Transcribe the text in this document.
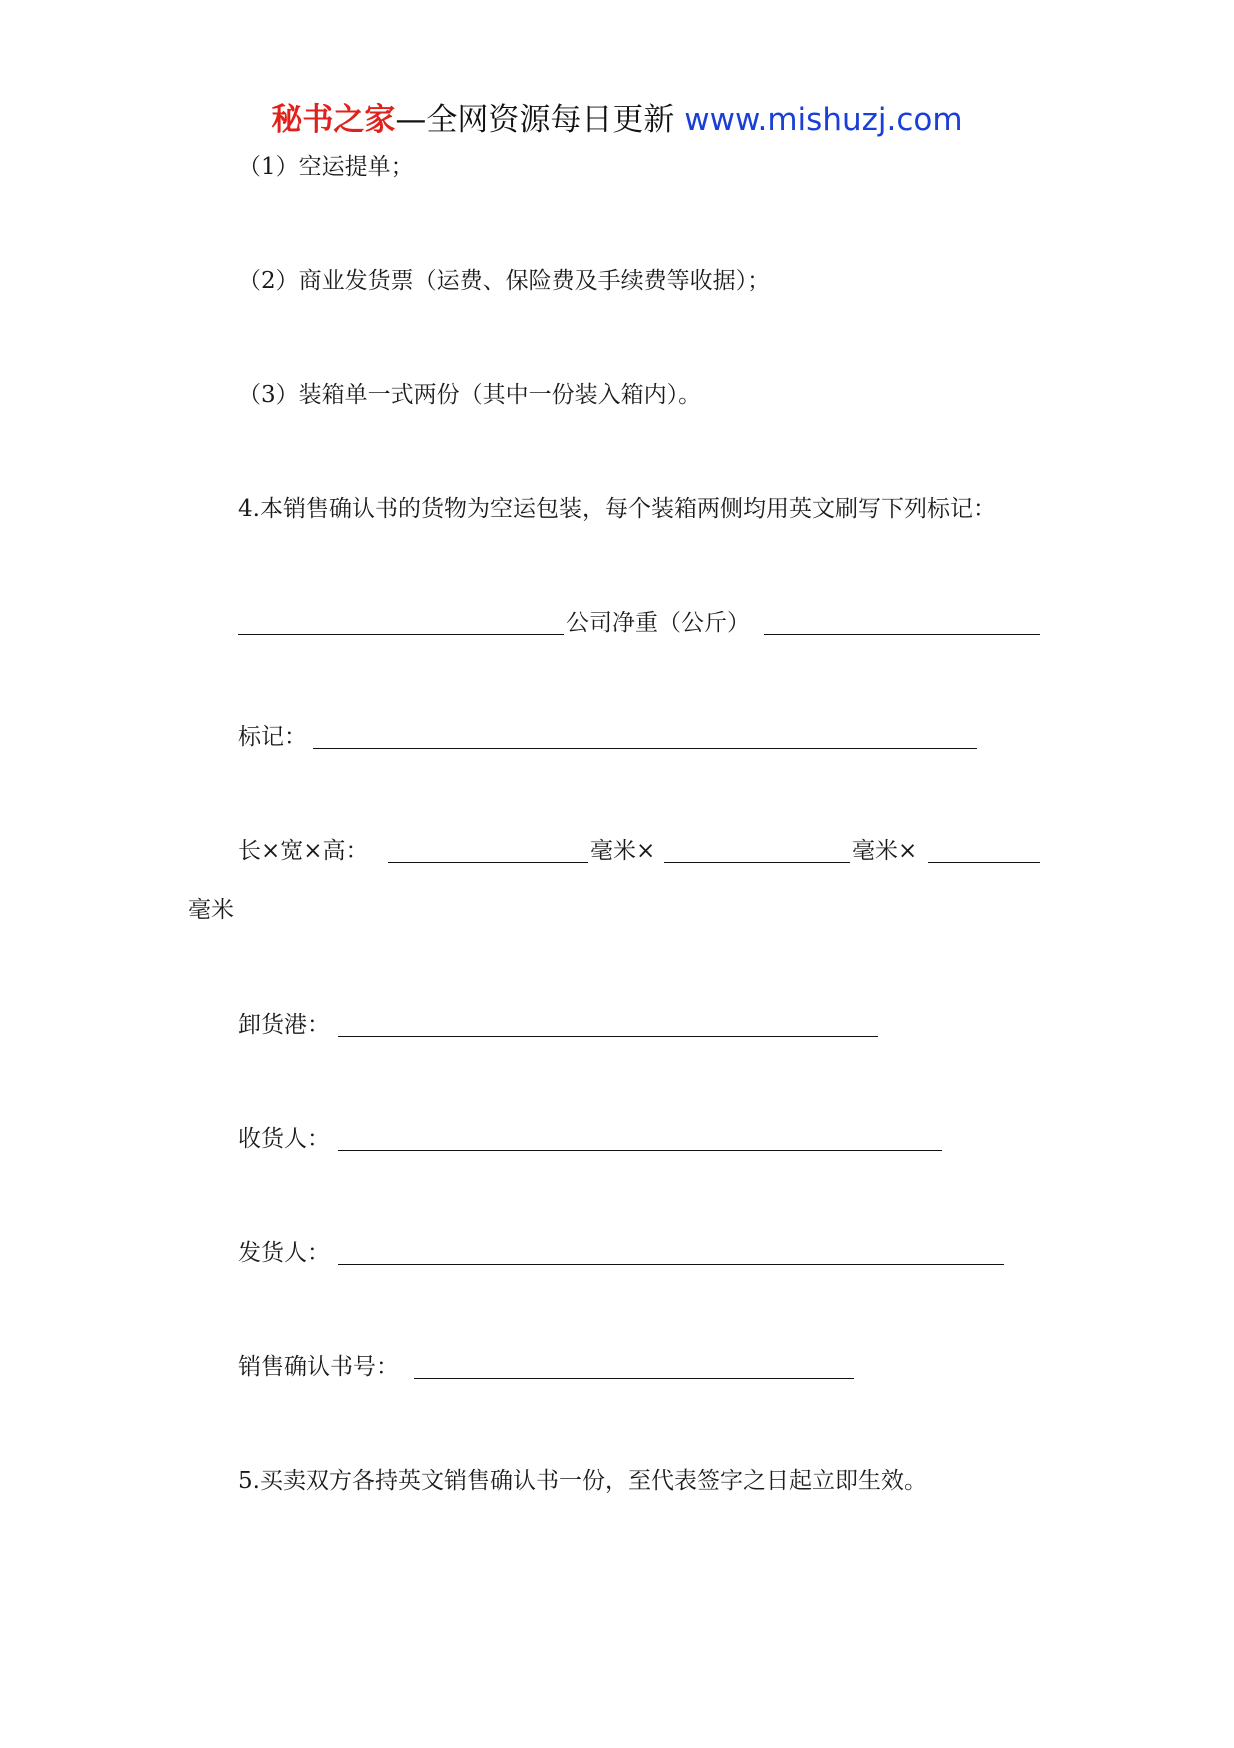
秘书之家—全网资源每日更新 www.mishuzj.com
（1）空运提单；
（2）商业发货票（运费、保险费及手续费等收据）；
（3）装箱单一式两份（其中一份装入箱内）。
4.本销售确认书的货物为空运包装，每个装箱两侧均用英文刷写下列标记：
公司净重（公斤）
标记：
长×宽×高：	毫米×	毫米×
毫米
卸货港：
收货人：
发货人：
销售确认书号：
5.买卖双方各持英文销售确认书一份，至代表签字之日起立即生效。
